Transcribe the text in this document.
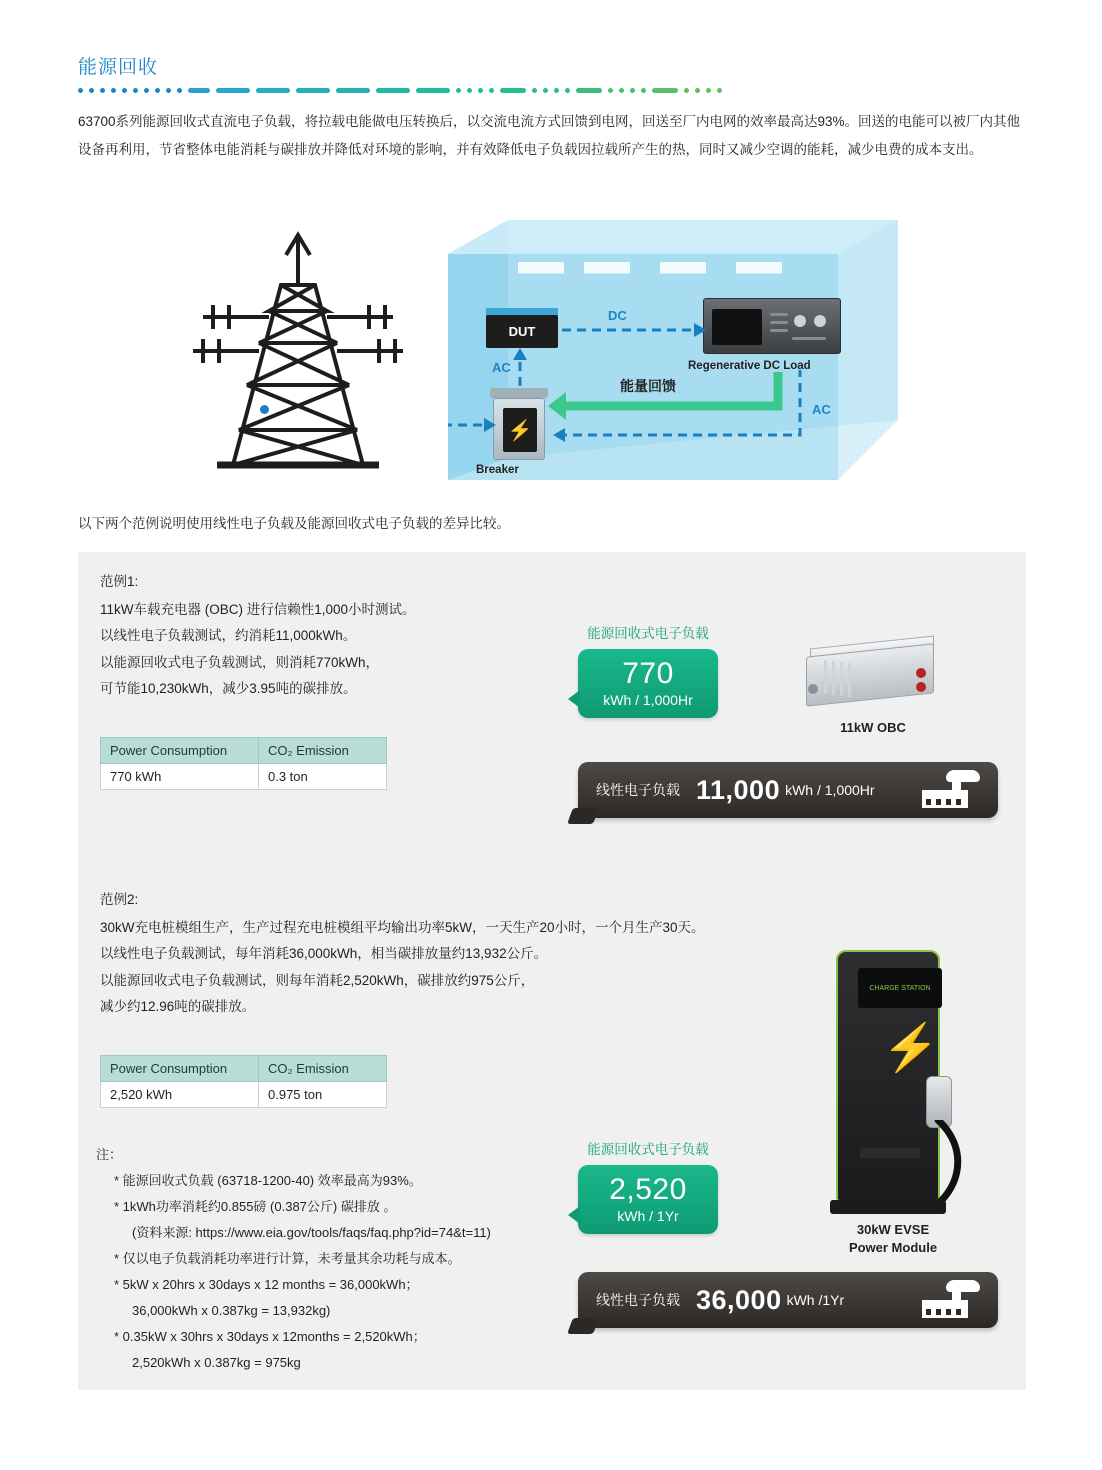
能源回收
63700系列能源回收式直流电子负载，将拉载电能做电压转换后，以交流电流方式回馈到电网，回送至厂内电网的效率最高达93%。回送的电能可以被厂内其他设备再利用，节省整体电能消耗与碳排放并降低对环境的影响，并有效降低电子负载因拉载所产生的热，同时又减少空调的能耗，减少电费的成本支出。
DUT
⚡
Breaker
Regenerative DC Load
DC
AC
AC
能量回馈
以下两个范例说明使用线性电子负载及能源回收式电子负载的差异比较。
范例1:
11kW车载充电器 (OBC) 进行信赖性1,000小时测试。
以线性电子负载测试，约消耗11,000kWh。
以能源回收式电子负载测试，则消耗770kWh，
可节能10,230kWh，减少3.95吨的碳排放。
Power Consumption	CO₂ Emission
770 kWh	0.3 ton
能源回收式电子负载
770
kWh / 1,000Hr
11kW OBC
线性电子负载 11,000 kWh / 1,000Hr
范例2:
30kW充电桩模组生产，生产过程充电桩模组平均输出功率5kW，一天生产20小时，一个月生产30天。
以线性电子负载测试，每年消耗36,000kWh，相当碳排放量约13,932公斤。
以能源回收式电子负载测试，则每年消耗2,520kWh，碳排放约975公斤，
减少约12.96吨的碳排放。
Power Consumption	CO₂ Emission
2,520 kWh	0.975 ton
注：
* 能源回收式负载 (63718-1200-40) 效率最高为93%。
* 1kWh功率消耗约0.855磅 (0.387公斤) 碳排放 。
(资料来源: https://www.eia.gov/tools/faqs/faq.php?id=74&t=11)
* 仅以电子负载消耗功率进行计算，未考量其余功耗与成本。
* 5kW x 20hrs x 30days x 12 months = 36,000kWh；
36,000kWh x 0.387kg = 13,932kg)
* 0.35kW x 30hrs x 30days x 12months = 2,520kWh；
2,520kWh x 0.387kg = 975kg
能源回收式电子负载
2,520
kWh / 1Yr
CHARGE STATION
⚡
30kW EVSE
Power Module
线性电子负载 36,000 kWh /1Yr
